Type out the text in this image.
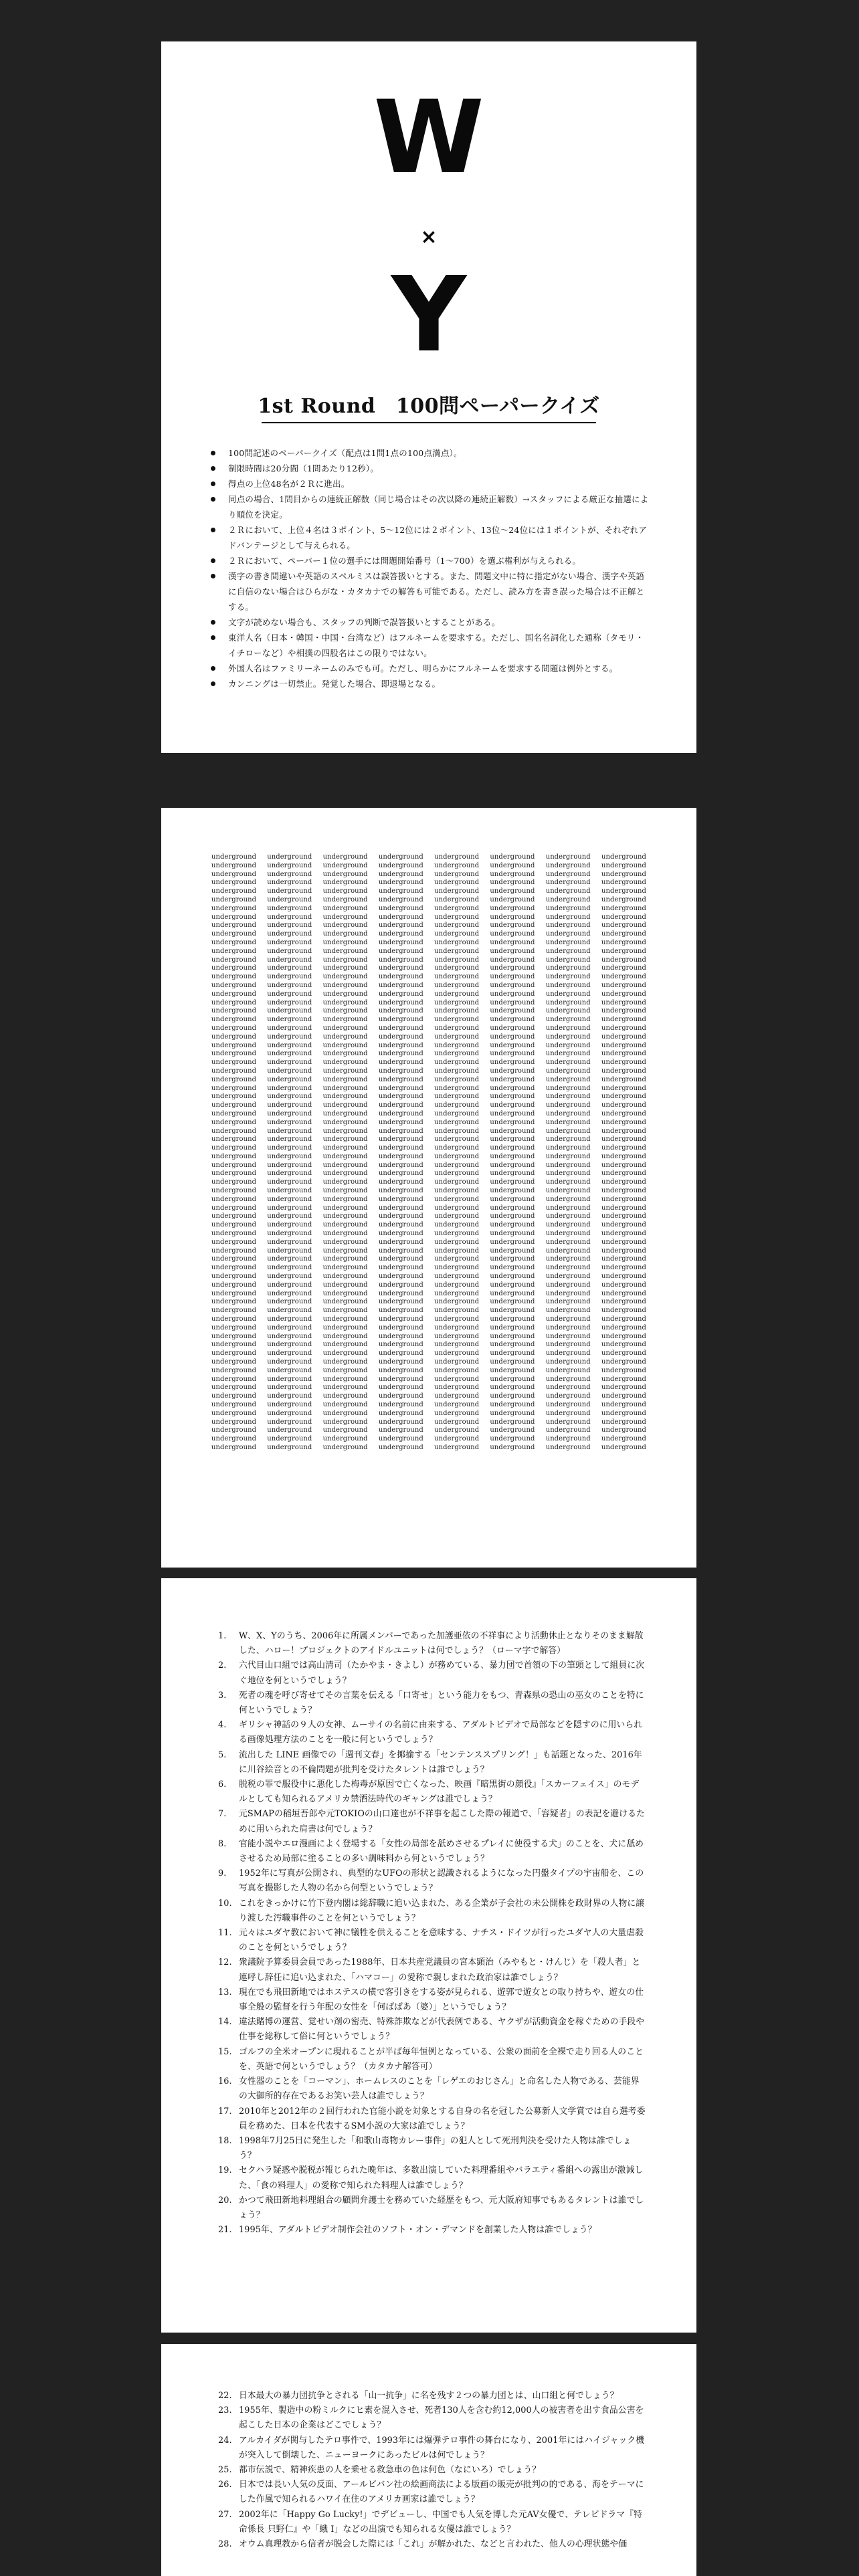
W
×
Y
1st Round　100問ペーパークイズ
100問記述のペーパークイズ（配点は1問1点の100点満点）。
制限時間は20分間（1問あたり12秒）。
得点の上位48名が２Ｒに進出。
同点の場合、1問目からの連続正解数（同じ場合はその次以降の連続正解数）→スタッフによる厳正な抽選により順位を決定。
２Ｒにおいて、上位４名は３ポイント、5～12位には２ポイント、13位～24位には１ポイントが、それぞれアドバンテージとして与えられる。
２Ｒにおいて、ペーパー１位の選手には問題開始番号（1～700）を選ぶ権利が与えられる。
漢字の書き間違いや英語のスペルミスは誤答扱いとする。また、問題文中に特に指定がない場合、漢字や英語に自信のない場合はひらがな・カタカナでの解答も可能である。ただし、読み方を書き誤った場合は不正解とする。
文字が読めない場合も、スタッフの判断で誤答扱いとすることがある。
東洋人名（日本・韓国・中国・台湾など）はフルネームを要求する。ただし、国名名詞化した通称（タモリ・イチローなど）や相撲の四股名はこの限りではない。
外国人名はファミリーネームのみでも可。ただし、明らかにフルネームを要求する問題は例外とする。
カンニングは一切禁止。発覚した場合、即退場となる。
underground underground underground underground underground underground underground underground
underground underground underground underground underground underground underground underground
underground underground underground underground underground underground underground underground
underground underground underground underground underground underground underground underground
underground underground underground underground underground underground underground underground
underground underground underground underground underground underground underground underground
underground underground underground underground underground underground underground underground
underground underground underground underground underground underground underground underground
underground underground underground underground underground underground underground underground
underground underground underground underground underground underground underground underground
underground underground underground underground underground underground underground underground
underground underground underground underground underground underground underground underground
underground underground underground underground underground underground underground underground
underground underground underground underground underground underground underground underground
underground underground underground underground underground underground underground underground
underground underground underground underground underground underground underground underground
underground underground underground underground underground underground underground underground
underground underground underground underground underground underground underground underground
underground underground underground underground underground underground underground underground
underground underground underground underground underground underground underground underground
underground underground underground underground underground underground underground underground
underground underground underground underground underground underground underground underground
underground underground underground underground underground underground underground underground
underground underground underground underground underground underground underground underground
underground underground underground underground underground underground underground underground
underground underground underground underground underground underground underground underground
underground underground underground underground underground underground underground underground
underground underground underground underground underground underground underground underground
underground underground underground underground underground underground underground underground
underground underground underground underground underground underground underground underground
underground underground underground underground underground underground underground underground
underground underground underground underground underground underground underground underground
underground underground underground underground underground underground underground underground
underground underground underground underground underground underground underground underground
underground underground underground underground underground underground underground underground
underground underground underground underground underground underground underground underground
underground underground underground underground underground underground underground underground
underground underground underground underground underground underground underground underground
underground underground underground underground underground underground underground underground
underground underground underground underground underground underground underground underground
underground underground underground underground underground underground underground underground
underground underground underground underground underground underground underground underground
underground underground underground underground underground underground underground underground
underground underground underground underground underground underground underground underground
underground underground underground underground underground underground underground underground
underground underground underground underground underground underground underground underground
underground underground underground underground underground underground underground underground
underground underground underground underground underground underground underground underground
underground underground underground underground underground underground underground underground
underground underground underground underground underground underground underground underground
underground underground underground underground underground underground underground underground
underground underground underground underground underground underground underground underground
underground underground underground underground underground underground underground underground
underground underground underground underground underground underground underground underground
underground underground underground underground underground underground underground underground
underground underground underground underground underground underground underground underground
underground underground underground underground underground underground underground underground
underground underground underground underground underground underground underground underground
underground underground underground underground underground underground underground underground
underground underground underground underground underground underground underground underground
underground underground underground underground underground underground underground underground
underground underground underground underground underground underground underground underground
underground underground underground underground underground underground underground underground
underground underground underground underground underground underground underground underground
underground underground underground underground underground underground underground underground
underground underground underground underground underground underground underground underground
underground underground underground underground underground underground underground underground
underground underground underground underground underground underground underground underground
underground underground underground underground underground underground underground underground
underground underground underground underground underground underground underground underground
1.	W、X、Yのうち、2006年に所属メンバーであった加護亜依の不祥事により活動休止となりそのまま解散した、ハロー！プロジェクトのアイドルユニットは何でしょう？（ローマ字で解答）
2.	六代目山口組では高山清司（たかやま・きよし）が務めている、暴力団で首領の下の筆頭として組員に次ぐ地位を何というでしょう？
3.	死者の魂を呼び寄せてその言葉を伝える「口寄せ」という能力をもつ、青森県の恐山の巫女のことを特に何というでしょう？
4.	ギリシャ神話の９人の女神、ムーサイの名前に由来する、アダルトビデオで局部などを隠すのに用いられる画像処理方法のことを一般に何というでしょう？
5.	流出した LINE 画像での「週刊文春」を揶揄する「センテンススプリング！」も話題となった、2016年に川谷絵音との不倫問題が批判を受けたタレントは誰でしょう？
6.	脱税の罪で服役中に悪化した梅毒が原因で亡くなった、映画『暗黒街の顔役』「スカーフェイス」のモデルとしても知られるアメリカ禁酒法時代のギャングは誰でしょう？
7.	元SMAPの稲垣吾郎や元TOKIOの山口達也が不祥事を起こした際の報道で、「容疑者」の表記を避けるために用いられた肩書は何でしょう？
8.	官能小説やエロ漫画によく登場する「女性の局部を舐めさせるプレイに使役する犬」のことを、犬に舐めさせるため局部に塗ることの多い調味料から何というでしょう？
9.	1952年に写真が公開され、典型的なUFOの形状と認識されるようになった円盤タイプの宇宙船を、この写真を撮影した人物の名から何型というでしょう？
10. これをきっかけに竹下登内閣は総辞職に追い込まれた、ある企業が子会社の未公開株を政財界の人物に譲り渡した汚職事件のことを何というでしょう？
11. 元々はユダヤ教において神に犠牲を供えることを意味する、ナチス・ドイツが行ったユダヤ人の大量虐殺のことを何というでしょう？
12. 衆議院予算委員会員であった1988年、日本共産党議員の宮本顕治（みやもと・けんじ）を「殺人者」と連呼し辞任に追い込まれた、「ハマコー」の愛称で親しまれた政治家は誰でしょう？
13. 現在でも飛田新地ではホステスの横で客引きをする姿が見られる、遊郭で遊女との取り持ちや、遊女の仕事全般の監督を行う年配の女性を「何ばばあ（婆）」というでしょう？
14. 違法賭博の運営、覚せい剤の密売、特殊詐欺などが代表例である、ヤクザが活動資金を稼ぐための手段や仕事を総称して俗に何というでしょう？
15. ゴルフの全米オープンに現れることが半ば毎年恒例となっている、公衆の面前を全裸で走り回る人のことを、英語で何というでしょう？（カタカナ解答可）
16. 女性器のことを「コーマン」、ホームレスのことを「レゲエのおじさん」と命名した人物である、芸能界の大御所的存在であるお笑い芸人は誰でしょう？
17. 2010年と2012年の２回行われた官能小説を対象とする自身の名を冠した公募新人文学賞では自ら選考委員を務めた、日本を代表するSM小説の大家は誰でしょう？
18. 1998年7月25日に発生した「和歌山毒物カレー事件」の犯人として死刑判決を受けた人物は誰でしょう？
19. セクハラ疑惑や脱税が報じられた晩年は、多数出演していた料理番組やバラエティ番組への露出が激減した、「食の料理人」の愛称で知られた料理人は誰でしょう？
20. かつて飛田新地料理組合の顧問弁護士を務めていた経歴をもつ、元大阪府知事でもあるタレントは誰でしょう？
21. 1995年、アダルトビデオ制作会社のソフト・オン・デマンドを創業した人物は誰でしょう？
22. 日本最大の暴力団抗争とされる「山一抗争」に名を残す２つの暴力団とは、山口組と何でしょう？
23. 1955年、製造中の粉ミルクにヒ素を混入させ、死者130人を含む約12,000人の被害者を出す食品公害を起こした日本の企業はどこでしょう？
24. アルカイダが関与したテロ事件で、1993年には爆弾テロ事件の舞台になり、2001年にはハイジャック機が突入して倒壊した、ニューヨークにあったビルは何でしょう？
25. 都市伝説で、精神疾患の人を乗せる救急車の色は何色（なにいろ）でしょう？
26. 日本では長い人気の反面、アールビバン社の絵画商法による版画の販売が批判の的である、海をテーマにした作風で知られるハワイ在住のアメリカ画家は誰でしょう？
27. 2002年に「Happy Go Lucky!」でデビューし、中国でも人気を博した元AV女優で、テレビドラマ『特命係長 只野仁』や「蛾 Ⅰ」などの出演でも知られる女優は誰でしょう？
28. オウム真理教から信者が脱会した際には「これ」が解かれた、などと言われた、他人の心理状態や価
